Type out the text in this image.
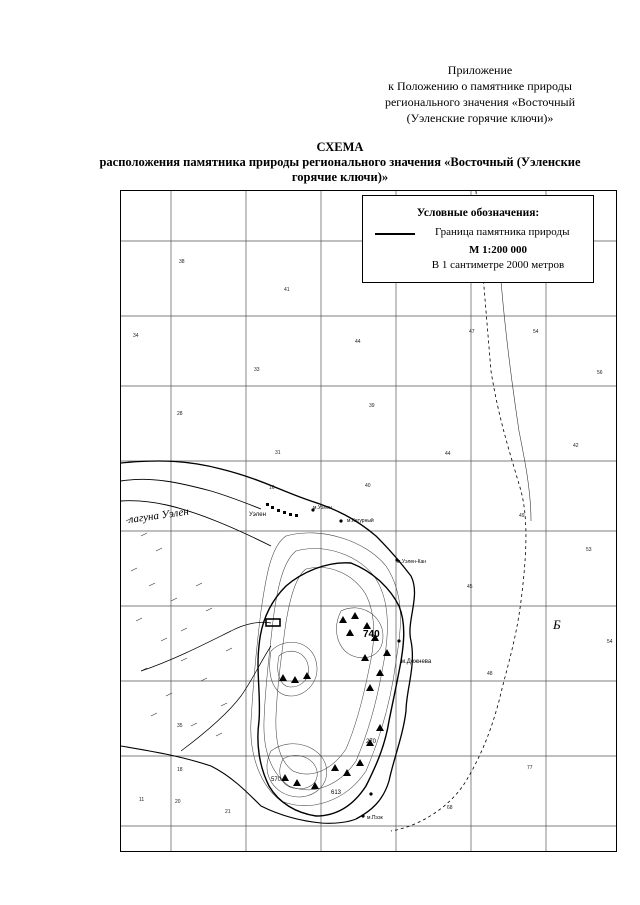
Приложение
к Положению о памятнике природы
регионального значения «Восточный
(Уэленские горячие ключи)»
СХЕМА
расположения памятника природы регионального значения «Восточный (Уэленские
горячие ключи)»
лагуна Уэлен	Уэлен
м.Уэлен
м.Кегурный
м.Уэлен-Кан
м.Дежнева
м.Пээк
740
613
570
270
Б
38
41
34
44
47	54
33	56
28
39
31	44
42
16	40
49
53
48
45
54
77
18
35
68
11	20
21
Условные обозначения:
Граница памятника природы
М 1:200 000
В 1 сантиметре 2000 метров
